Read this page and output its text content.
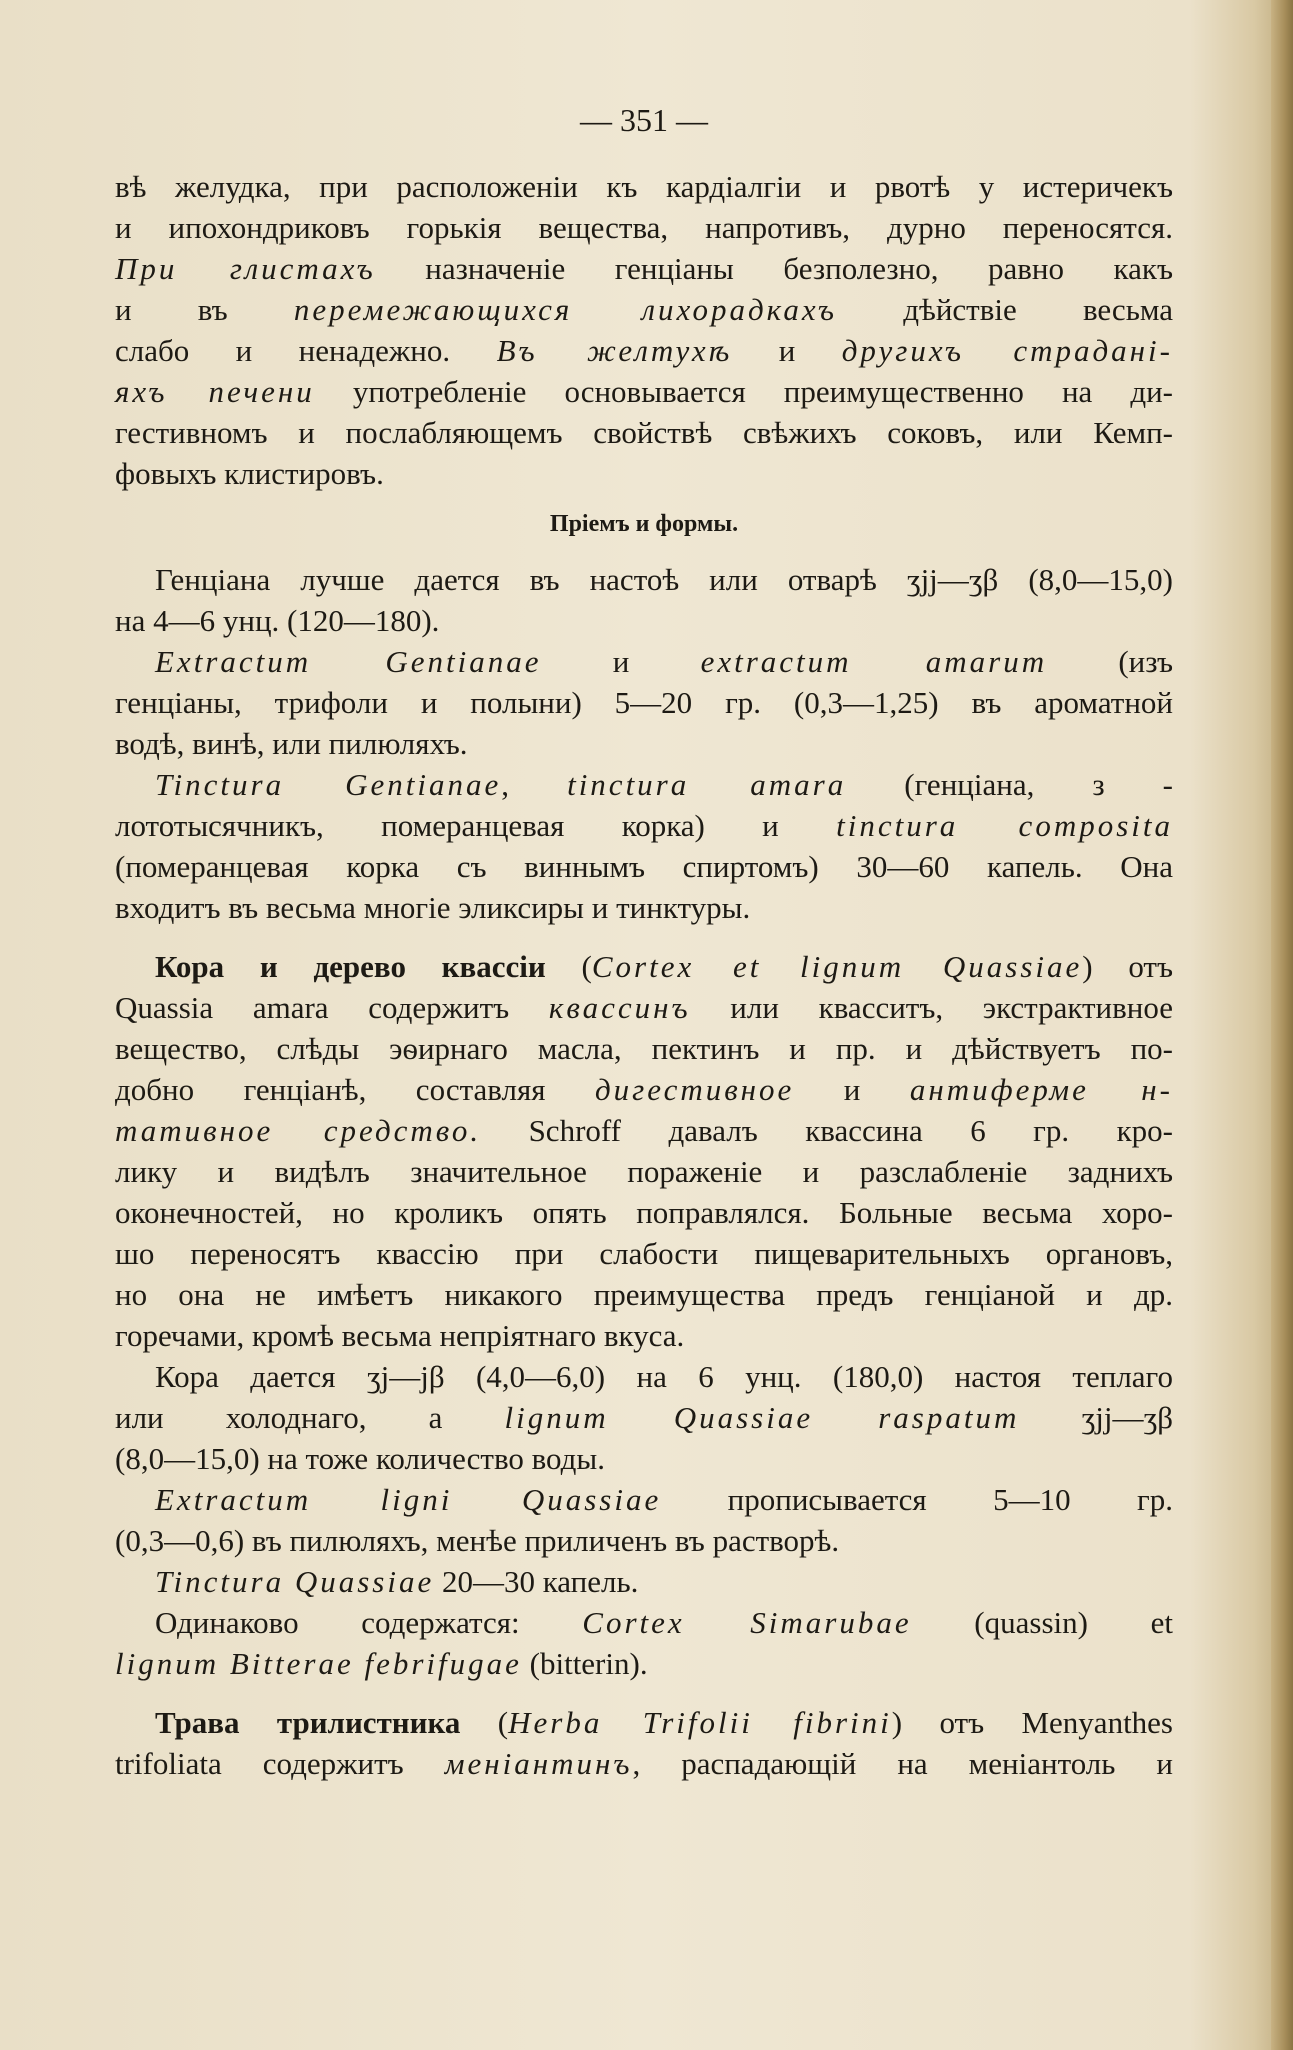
— 351 —

вѣ желудка, при расположеніи къ кардіалгіи и рвотѣ у истеричекъ

и ипохондриковъ горькія вещества, напротивъ, дурно переносятся.

При глистахъ назначеніе генціаны безполезно, равно какъ

и въ перемежающихся лихорадкахъ дѣйствіе весьма

слабо и ненадежно. Въ желтухѣ и другихъ страданi-

яхъ печени употребленіе основывается преимущественно на ди-

гестивномъ и послабляющемъ свойствѣ свѣжихъ соковъ, или Кемп-

фовыхъ клистировъ.

Пріемъ и формы.

Генціана лучше дается въ настоѣ или отварѣ ʒjj—ʒβ (8,0—15,0)

на 4—6 унц. (120—180).

Extractum Gentianae и extractum amarum (изъ

генціаны, трифоли и полыни) 5—20 гр. (0,3—1,25) въ ароматной

водѣ, винѣ, или пилюляхъ.

Tinctura Gentianae, tinctura amara (генціана, з -

лототысячникъ, померанцевая корка) и tinctura composita

(померанцевая корка съ виннымъ спиртомъ) 30—60 капель. Она

входитъ въ весьма многіе эликсиры и тинктуры.

Кора и дерево квассіи (Cortex et lignum Quassiae) отъ

Quassia amara содержитъ квассинъ или квасситъ, экстрактивное

вещество, слѣды эѳирнаго масла, пектинъ и пр. и дѣйствуетъ по-

добно генціанѣ, составляя дигестивное и антиферме н-

тативное средство. Schroff давалъ квассина 6 гр. кро-

лику и видѣлъ значительное пораженіе и разслабленіе заднихъ

оконечностей, но кроликъ опять поправлялся. Больные весьма хоро-

шо переносятъ квассію при слабости пищеварительныхъ органовъ,

но она не имѣетъ никакого преимущества предъ генціаной и др.

горечами, кромѣ весьма непріятнаго вкуса.

Кора дается ʒj—jβ (4,0—6,0) на 6 унц. (180,0) настоя теплаго

или холоднаго, а lignum Quassiae raspatum ʒjj—ʒβ

(8,0—15,0) на тоже количество воды.

Extractum ligni Quassiae прописывается 5—10 гр.

(0,3—0,6) въ пилюляхъ, менѣе приличенъ въ растворѣ.

Tinctura Quassiae 20—30 капель.

Одинаково содержатся: Cortex Simarubae (quassin) et

lignum Bitterae febrifugae (bitterin).

Трава трилистника (Herba Trifolii fibrini) отъ Menyanthes

trifoliata содержитъ меніантинъ, распадающій на меніантоль и
